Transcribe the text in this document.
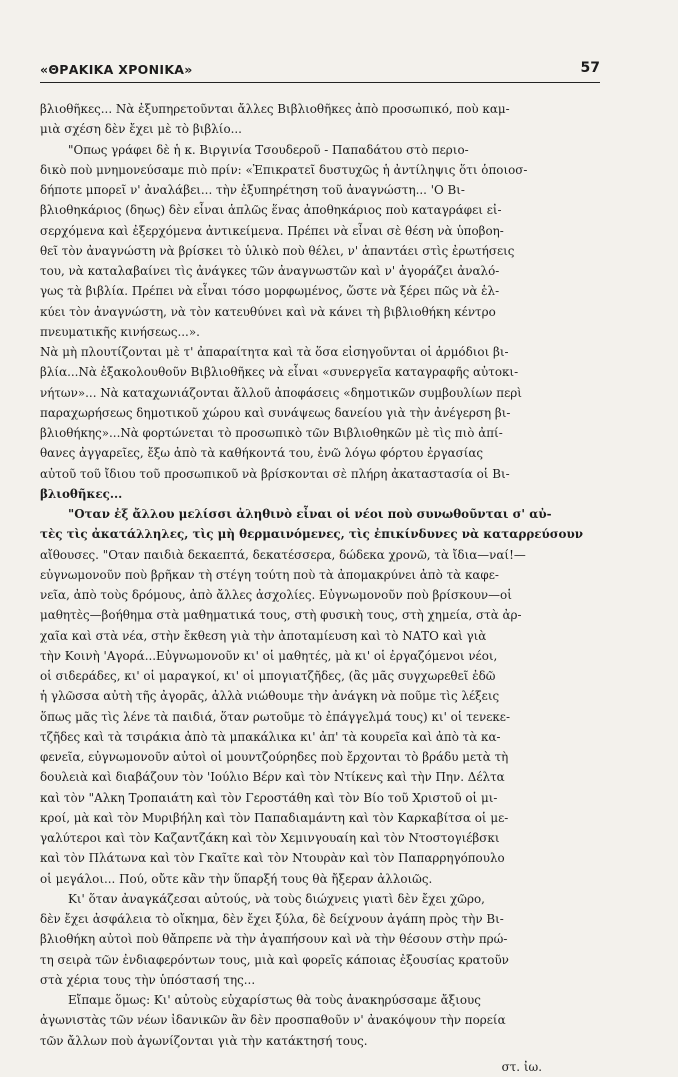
«ΘΡΑΚΙΚΑ ΧΡΟΝΙΚΑ»	57

βλιοθῆκες... Νὰ ἐξυπηρετοῦνται ἄλλες Βιβλιοθῆκες ἀπὸ προσωπικό, ποὺ καμ-
μιὰ σχέση δὲν ἔχει μὲ τὸ βιβλίο...

"Οπως γράφει δὲ ἡ κ. Βιργινία Τσουδεροῦ - Παπαδάτου στὸ περιο-
δικὸ ποὺ μνημονεύσαμε πιὸ πρίν: «Ἐπικρατεῖ δυστυχῶς ἡ ἀντίληψις ὅτι ὁποιοσ-
δήποτε μπορεῖ ν' ἀναλάβει... τὴν ἐξυπηρέτηση τοῦ ἀναγνώστη... 'Ο Βι-
βλιοθηκάριος (δηως) δὲν εἶναι ἁπλῶς ἕνας ἀποθηκάριος ποὺ καταγράφει εἰ-
σερχόμενα καὶ ἐξερχόμενα ἀντικείμενα. Πρέπει νὰ εἶναι σὲ θέση νὰ ὑποβοη-
θεῖ τὸν ἀναγνώστη νὰ βρίσκει τὸ ὑλικὸ ποὺ θέλει, ν' ἀπαντάει στὶς ἐρωτήσεις
του, νὰ καταλαβαίνει τὶς ἀνάγκες τῶν ἀναγνωστῶν καὶ ν' ἀγοράζει ἀναλό-
γως τὰ βιβλία. Πρέπει νὰ εἶναι τόσο μορφωμένος, ὥστε νὰ ξέρει πῶς νὰ ἑλ-
κύει τὸν ἀναγνώστη, νὰ τὸν κατευθύνει καὶ νὰ κάνει τὴ βιβλιοθήκη κέντρο
πνευματικῆς κινήσεως...».

Νὰ μὴ πλουτίζονται μὲ τ' ἀπαραίτητα καὶ τὰ ὅσα εἰσηγοῦνται οἱ ἁρμόδιοι βι-
βλία...Νὰ ἐξακολουθοῦν Βιβλιοθῆκες νὰ εἶναι «συνεργεῖα καταγραφῆς αὐτοκι-
νήτων»... Νὰ καταχωνιάζονται ἄλλοῦ ἀποφάσεις «δημοτικῶν συμβουλίων περὶ
παραχωρήσεως δημοτικοῦ χώρου καὶ συνάψεως δανείου γιὰ τὴν ἀνέγερση βι-
βλιοθήκης»...Νὰ φορτώνεται τὸ προσωπικὸ τῶν Βιβλιοθηκῶν μὲ τὶς πιὸ ἀπί-
θανες ἀγγαρεῖες, ἔξω ἀπὸ τὰ καθήκοντά του, ἐνῶ λόγω φόρτου ἐργασίας
αὐτοῦ τοῦ ἴδιου τοῦ προσωπικοῦ νὰ βρίσκονται σὲ πλήρη ἀκαταστασία οἱ Βι-
βλιοθῆκες...

"Οταν ἐξ ἄλλου μελίσσι ἀληθινὸ εἶναι οἱ νέοι ποὺ συνωθοῦνται σ' αὐ-
τὲς τὶς ἀκατάλληλες, τὶς μὴ θερμαινόμενες, τὶς ἐπικίνδυνες νὰ καταρρεύσουν
αἴθουσες. "Οταν παιδιὰ δεκαεπτά, δεκατέσσερα, δώδεκα χρονῶ, τὰ ἴδια—ναί!—
εὐγνωμονοῦν ποὺ βρῆκαν τὴ στέγη τούτη ποὺ τὰ ἀπομακρύνει ἀπὸ τὰ καφε-
νεῖα, ἀπὸ τοὺς δρόμους, ἀπὸ ἄλλες ἀσχολίες. Εὐγνωμονοῦν ποὺ βρίσκουν—οἱ
μαθητὲς—βοήθημα στὰ μαθηματικά τους, στὴ φυσικὴ τους, στὴ χημεία, στὰ ἀρ-
χαῖα καὶ στὰ νέα, στὴν ἔκθεση γιὰ τὴν ἀποταμίευση καὶ τὸ ΝΑΤΟ καὶ γιὰ
τὴν Κοινὴ 'Αγορά...Εὐγνωμονοῦν κι' οἱ μαθητές, μὰ κι' οἱ ἐργαζόμενοι νέοι,
οἱ σιδεράδες, κι' οἱ μαραγκοί, κι' οἱ μπογιατζῆδες, (ἂς μᾶς συγχωρεθεῖ ἐδῶ
ἡ γλῶσσα αὐτὴ τῆς ἀγορᾶς, ἀλλὰ νιώθουμε τὴν ἀνάγκη νὰ ποῦμε τὶς λέξεις
ὅπως μᾶς τὶς λένε τὰ παιδιά, ὅταν ρωτοῦμε τὸ ἐπάγγελμά τους) κι' οἱ τενεκε-
τζῆδες καὶ τὰ τσιράκια ἀπὸ τὰ μπακάλικα κι' ἀπ' τὰ κουρεῖα καὶ ἀπὸ τὰ κα-
φενεῖα, εὐγνωμονοῦν αὐτοὶ οἱ μουντζούρηδες ποὺ ἔρχονται τὸ βράδυ μετὰ τὴ
δουλειὰ καὶ διαβάζουν τὸν 'Ιούλιο Βέρν καὶ τὸν Ντίκενς καὶ τὴν Πην. Δέλτα
καὶ τὸν "Αλκη Τροπαιάτη καὶ τὸν Γεροστάθη καὶ τὸν Βίο τοῦ Χριστοῦ οἱ μι-
κροί, μὰ καὶ τὸν Μυριβήλη καὶ τὸν Παπαδιαμάντη καὶ τὸν Καρκαβίτσα οἱ με-
γαλύτεροι καὶ τὸν Καζαντζάκη καὶ τὸν Χεμινγουαίη καὶ τὸν Ντοστογιέβσκι
καὶ τὸν Πλάτωνα καὶ τὸν Γκαῖτε καὶ τὸν Ντουρὰν καὶ τὸν Παπαρρηγόπουλο
οἱ μεγάλοι... Πού, οὔτε κἂν τὴν ὕπαρξή τους θὰ ἤξεραν ἀλλοιῶς.

Κι' ὅταν ἀναγκάζεσαι αὐτούς, νὰ τοὺς διώχνεις γιατὶ δὲν ἔχει χῶρο,
δὲν ἔχει ἀσφάλεια τὸ οἴκημα, δὲν ἔχει ξύλα, δὲ δείχνουν ἀγάπη πρὸς τὴν Βι-
βλιοθήκη αὐτοὶ ποὺ θἄπρεπε νὰ τὴν ἀγαπήσουν καὶ νὰ τὴν θέσουν στὴν πρώ-
τη σειρὰ τῶν ἐνδιαφερόντων τους, μιὰ καὶ φορεῖς κάποιας ἐξουσίας κρατοῦν
στὰ χέρια τους τὴν ὑπόστασή της...

Εἴπαμε ὅμως: Κι' αὐτοὺς εὐχαρίστως θὰ τοὺς ἀνακηρύσσαμε ἄξιους
ἀγωνιστὰς τῶν νέων ἰδανικῶν ἂν δὲν προσπαθοῦν ν' ἀνακόψουν τὴν πορεία
τῶν ἄλλων ποὺ ἀγωνίζονται γιὰ τὴν κατάκτησή τους.

στ. ἰω.
